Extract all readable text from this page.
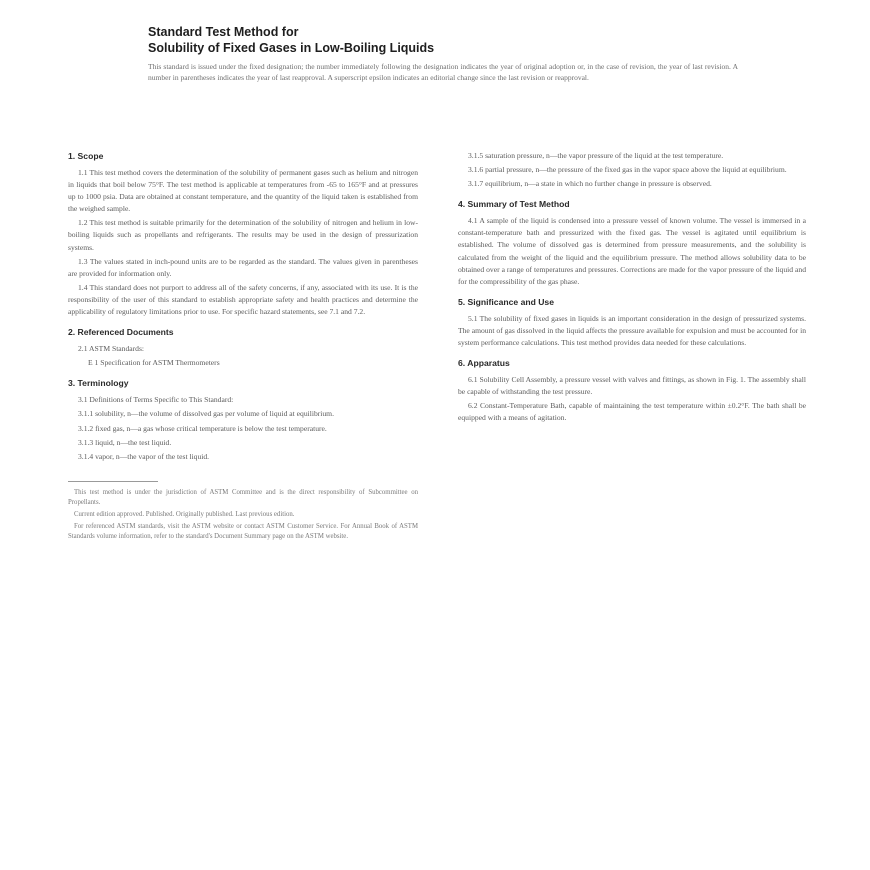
Standard Test Method for
Solubility of Fixed Gases in Low-Boiling Liquids
This standard is issued under the fixed designation; the number immediately following the designation indicates the year of original adoption or, in the case of revision, the year of last revision. A number in parentheses indicates the year of last reapproval. A superscript epsilon indicates an editorial change since the last revision or reapproval.
1. Scope

1.1 This test method covers the determination of the solubility of permanent gases such as helium and nitrogen in liquids that boil below 75°F. The test method is applicable at temperatures from -65 to 165°F and at pressures up to 1000 psia. Data are obtained at constant temperature, and the quantity of the liquid taken is established from the weighed sample.

1.2 This test method is suitable primarily for the determination of the solubility of nitrogen and helium in low-boiling liquids such as propellants and refrigerants. The results may be used in the design of pressurization systems.

1.3 The values stated in inch-pound units are to be regarded as the standard. The values given in parentheses are provided for information only.

1.4 This standard does not purport to address all of the safety concerns, if any, associated with its use. It is the responsibility of the user of this standard to establish appropriate safety and health practices and determine the applicability of regulatory limitations prior to use. For specific hazard statements, see 7.1 and 7.2.

2. Referenced Documents

2.1 ASTM Standards:

E 1 Specification for ASTM Thermometers

3. Terminology

3.1 Definitions of Terms Specific to This Standard:

3.1.1 solubility, n—the volume of dissolved gas per volume of liquid at equilibrium.

3.1.2 fixed gas, n—a gas whose critical temperature is below the test temperature.

3.1.3 liquid, n—the test liquid.

3.1.4 vapor, n—the vapor of the test liquid.

This test method is under the jurisdiction of ASTM Committee and is the direct responsibility of Subcommittee on Propellants.

Current edition approved. Published. Originally published. Last previous edition.

For referenced ASTM standards, visit the ASTM website or contact ASTM Customer Service. For Annual Book of ASTM Standards volume information, refer to the standard's Document Summary page on the ASTM website.

3.1.5 saturation pressure, n—the vapor pressure of the liquid at the test temperature.

3.1.6 partial pressure, n—the pressure of the fixed gas in the vapor space above the liquid at equilibrium.

3.1.7 equilibrium, n—a state in which no further change in pressure is observed.

4. Summary of Test Method

4.1 A sample of the liquid is condensed into a pressure vessel of known volume. The vessel is immersed in a constant-temperature bath and pressurized with the fixed gas. The vessel is agitated until equilibrium is established. The volume of dissolved gas is determined from pressure measurements, and the solubility is calculated from the weight of the liquid and the equilibrium pressure. The method allows solubility data to be obtained over a range of temperatures and pressures. Corrections are made for the vapor pressure of the liquid and for the compressibility of the gas phase.

5. Significance and Use

5.1 The solubility of fixed gases in liquids is an important consideration in the design of pressurized systems. The amount of gas dissolved in the liquid affects the pressure available for expulsion and must be accounted for in system performance calculations. This test method provides data needed for these calculations.

6. Apparatus

6.1 Solubility Cell Assembly, a pressure vessel with valves and fittings, as shown in Fig. 1. The assembly shall be capable of withstanding the test pressure.

6.2 Constant-Temperature Bath, capable of maintaining the test temperature within ±0.2°F. The bath shall be equipped with a means of agitation.
